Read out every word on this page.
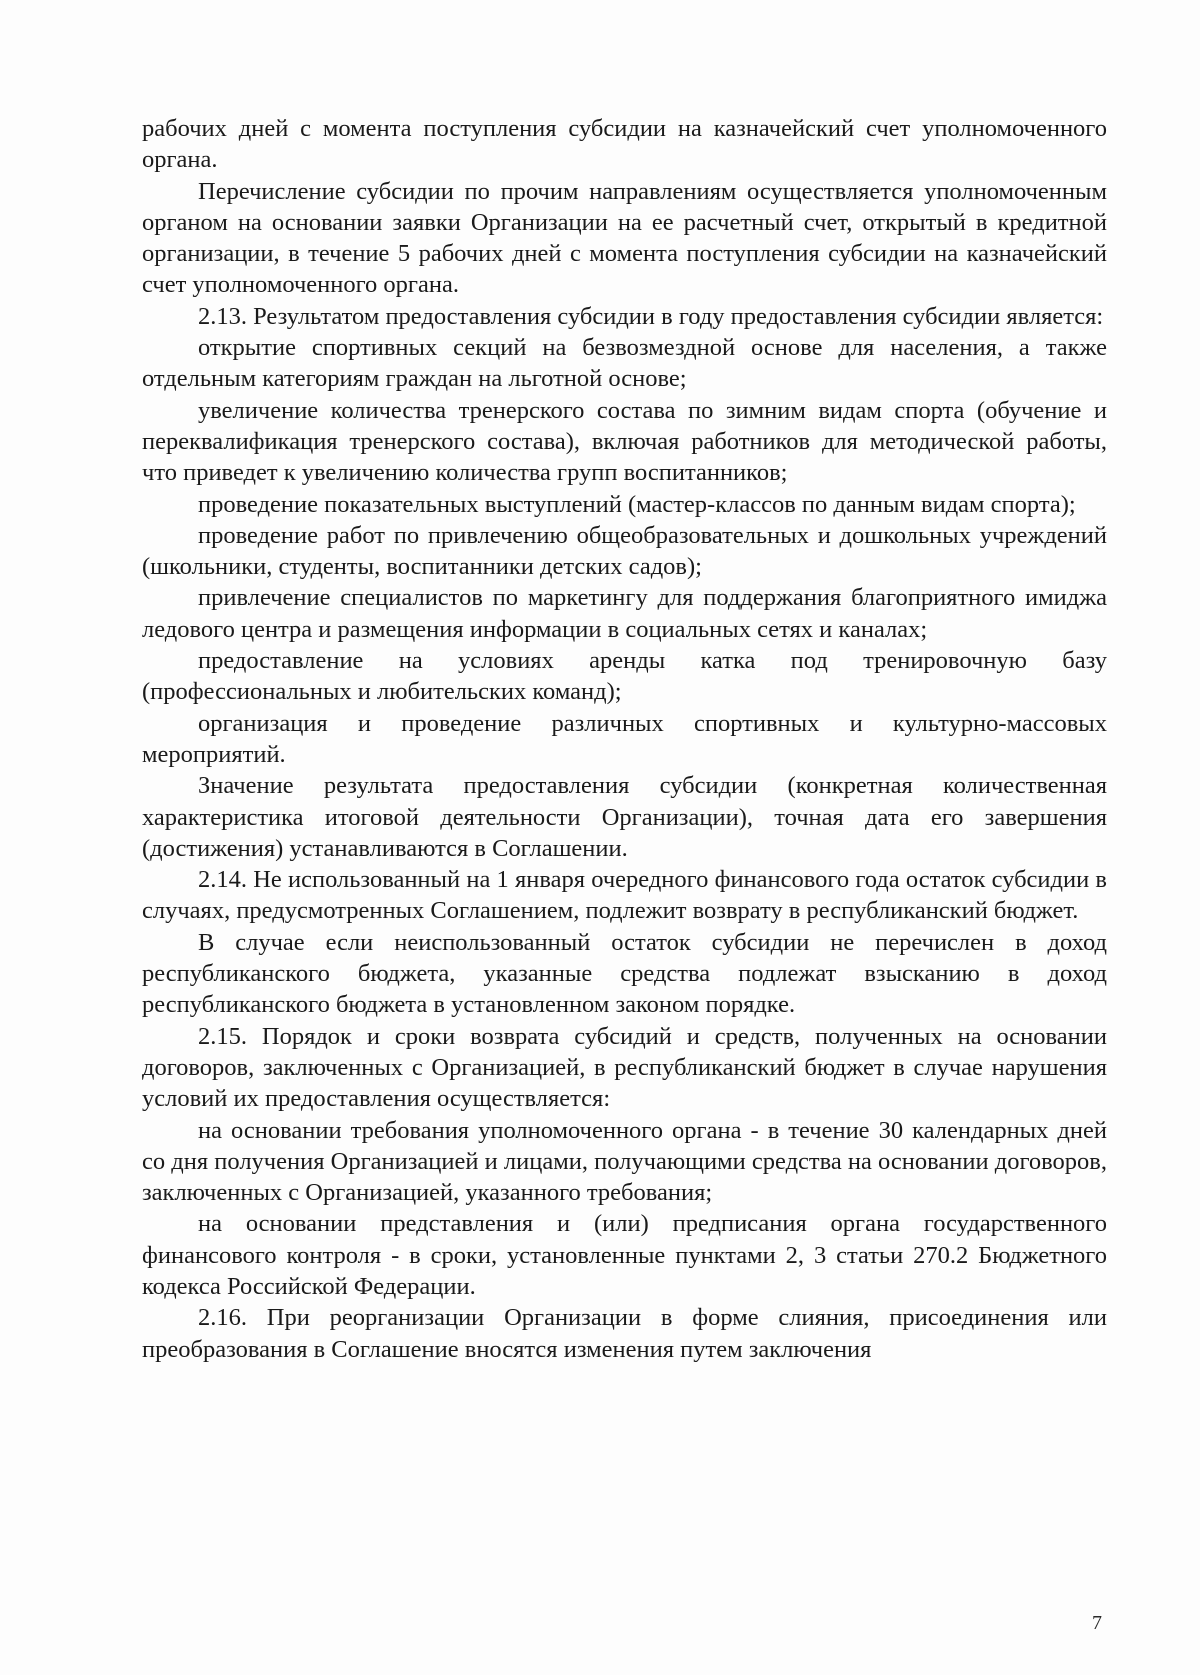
рабочих дней с момента поступления субсидии на казначейский счет уполномоченного органа.

Перечисление субсидии по прочим направлениям осуществляется уполномоченным органом на основании заявки Организации на ее расчетный счет, открытый в кредитной организации, в течение 5 рабочих дней с момента поступления субсидии на казначейский счет уполномоченного органа.

2.13. Результатом предоставления субсидии в году предоставления субсидии является:

открытие спортивных секций на безвозмездной основе для населения, а также отдельным категориям граждан на льготной основе;

увеличение количества тренерского состава по зимним видам спорта (обучение и переквалификация тренерского состава), включая работников для методической работы, что приведет к увеличению количества групп воспитанников;

проведение показательных выступлений (мастер-классов по данным видам спорта);

проведение работ по привлечению общеобразовательных и дошкольных учреждений (школьники, студенты, воспитанники детских садов);

привлечение специалистов по маркетингу для поддержания благоприятного имиджа ледового центра и размещения информации в социальных сетях и каналах;

предоставление на условиях аренды катка под тренировочную базу (профессиональных и любительских команд);

организация и проведение различных спортивных и культурно-массовых мероприятий.

Значение результата предоставления субсидии (конкретная количественная характеристика итоговой деятельности Организации), точная дата его завершения (достижения) устанавливаются в Соглашении.

2.14. Не использованный на 1 января очередного финансового года остаток субсидии в случаях, предусмотренных Соглашением, подлежит возврату в республиканский бюджет.

В случае если неиспользованный остаток субсидии не перечислен в доход республиканского бюджета, указанные средства подлежат взысканию в доход республиканского бюджета в установленном законом порядке.

2.15. Порядок и сроки возврата субсидий и средств, полученных на основании договоров, заключенных с Организацией, в республиканский бюджет в случае нарушения условий их предоставления осуществляется:

на основании требования уполномоченного органа - в течение 30 календарных дней со дня получения Организацией и лицами, получающими средства на основании договоров, заключенных с Организацией, указанного требования;

на основании представления и (или) предписания органа государственного финансового контроля - в сроки, установленные пунктами 2, 3 статьи 270.2 Бюджетного кодекса Российской Федерации.

2.16. При реорганизации Организации в форме слияния, присоединения или преобразования в Соглашение вносятся изменения путем заключения

7
